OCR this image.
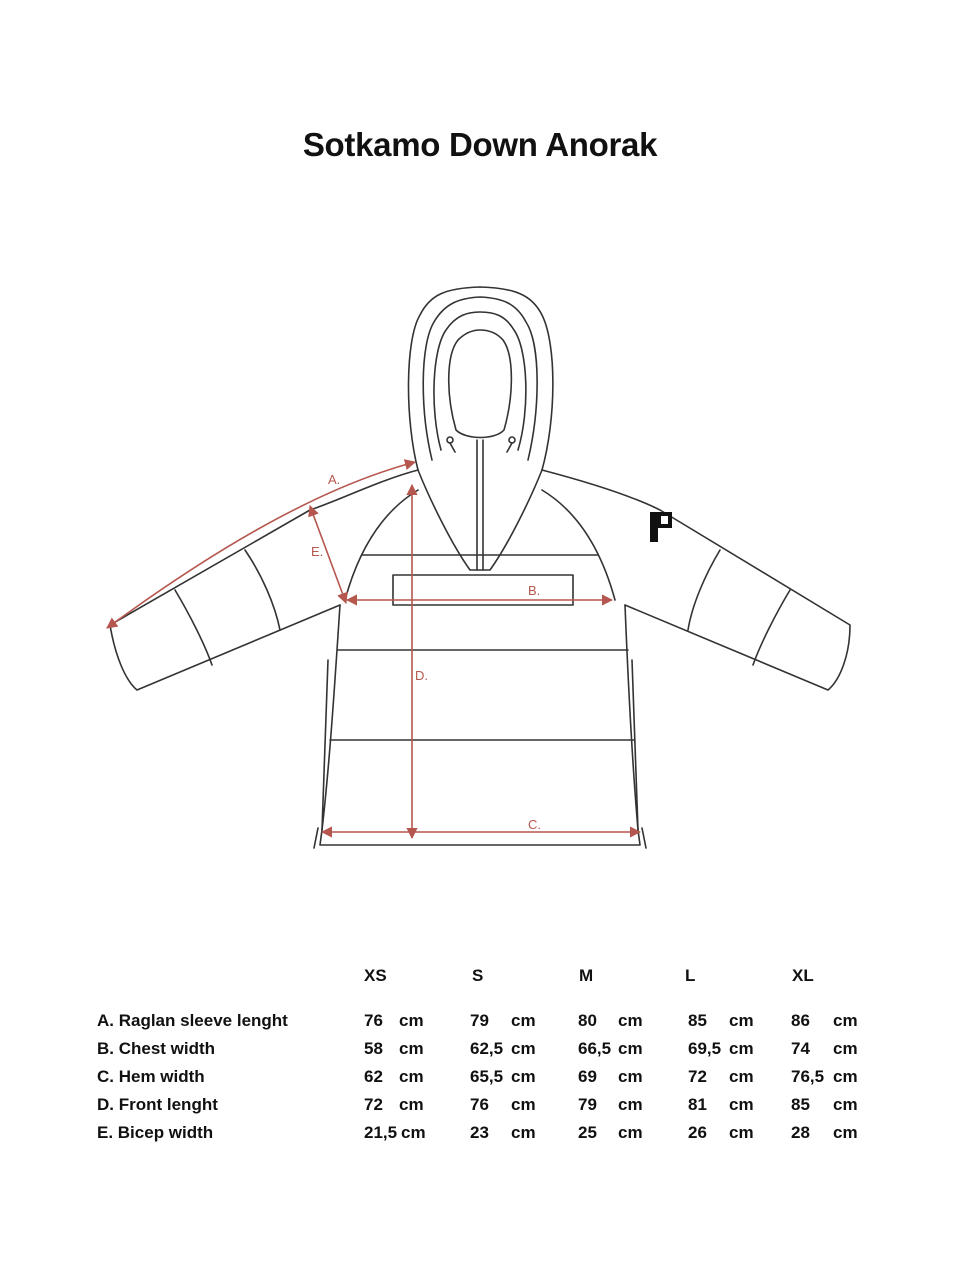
Sotkamo Down Anorak
A.
B.
C.
D.
E.
XS	S	M	L	XL
A. Raglan sleeve lenght	76 cm	79 cm 80 cm	85 cm 86 cm
B. Chest width	58 cm	62,5 cm 66,5 cm	69,5 cm 74 cm
C. Hem width	62 cm	65,5 cm 69 cm	72 cm 76,5 cm
D. Front lenght	72 cm	76 cm 79 cm	81 cm 85 cm
E. Bicep width	21,5 cm	23 cm 25 cm	26 cm 28 cm
